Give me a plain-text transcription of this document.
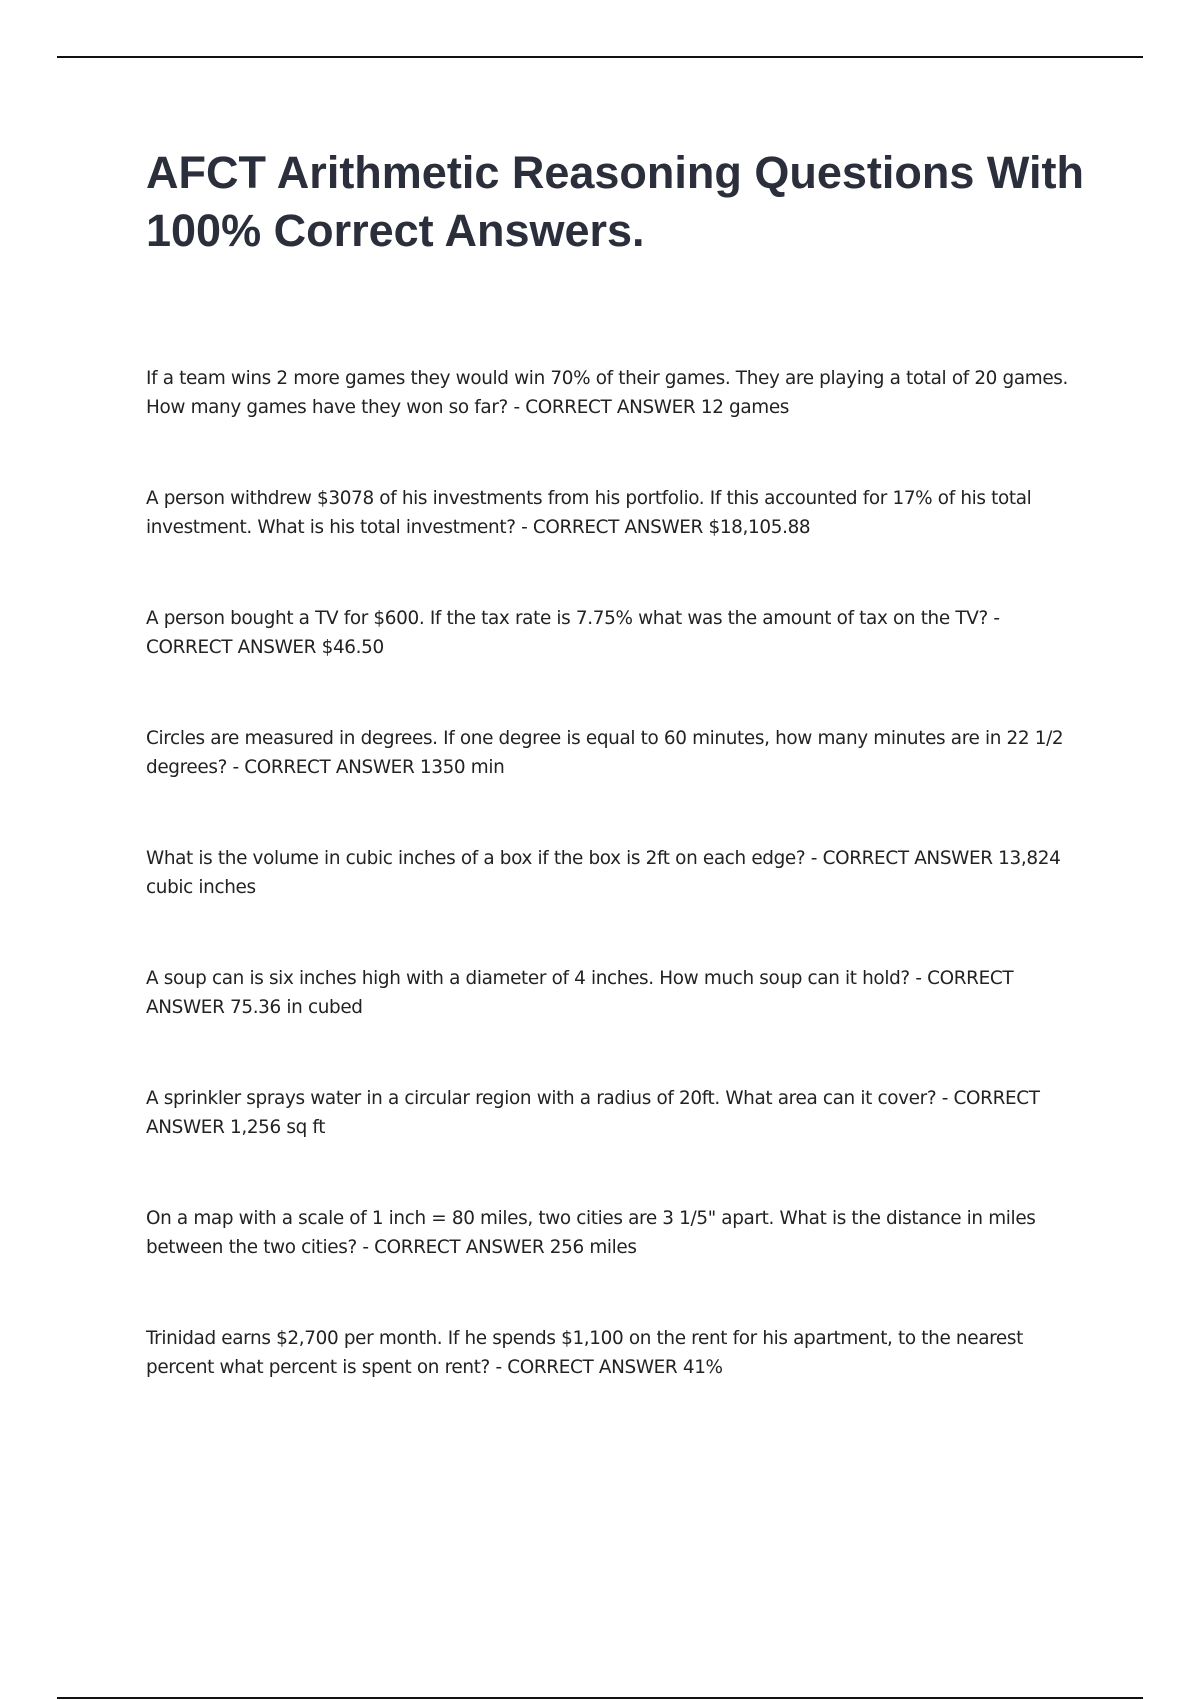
AFCT Arithmetic Reasoning Questions With 100% Correct Answers.

If a team wins 2 more games they would win 70% of their games. They are playing a total of 20 games. How many games have they won so far? - CORRECT ANSWER 12 games

A person withdrew $3078 of his investments from his portfolio. If this accounted for 17% of his total investment. What is his total investment? - CORRECT ANSWER $18,105.88

A person bought a TV for $600. If the tax rate is 7.75% what was the amount of tax on the TV? - CORRECT ANSWER $46.50

Circles are measured in degrees. If one degree is equal to 60 minutes, how many minutes are in 22 1/2 degrees? - CORRECT ANSWER 1350 min

What is the volume in cubic inches of a box if the box is 2ft on each edge? - CORRECT ANSWER 13,824 cubic inches

A soup can is six inches high with a diameter of 4 inches. How much soup can it hold? - CORRECT ANSWER 75.36 in cubed

A sprinkler sprays water in a circular region with a radius of 20ft. What area can it cover? - CORRECT ANSWER 1,256 sq ft

On a map with a scale of 1 inch = 80 miles, two cities are 3 1/5" apart. What is the distance in miles between the two cities? - CORRECT ANSWER 256 miles

Trinidad earns $2,700 per month. If he spends $1,100 on the rent for his apartment, to the nearest percent what percent is spent on rent? - CORRECT ANSWER 41%
